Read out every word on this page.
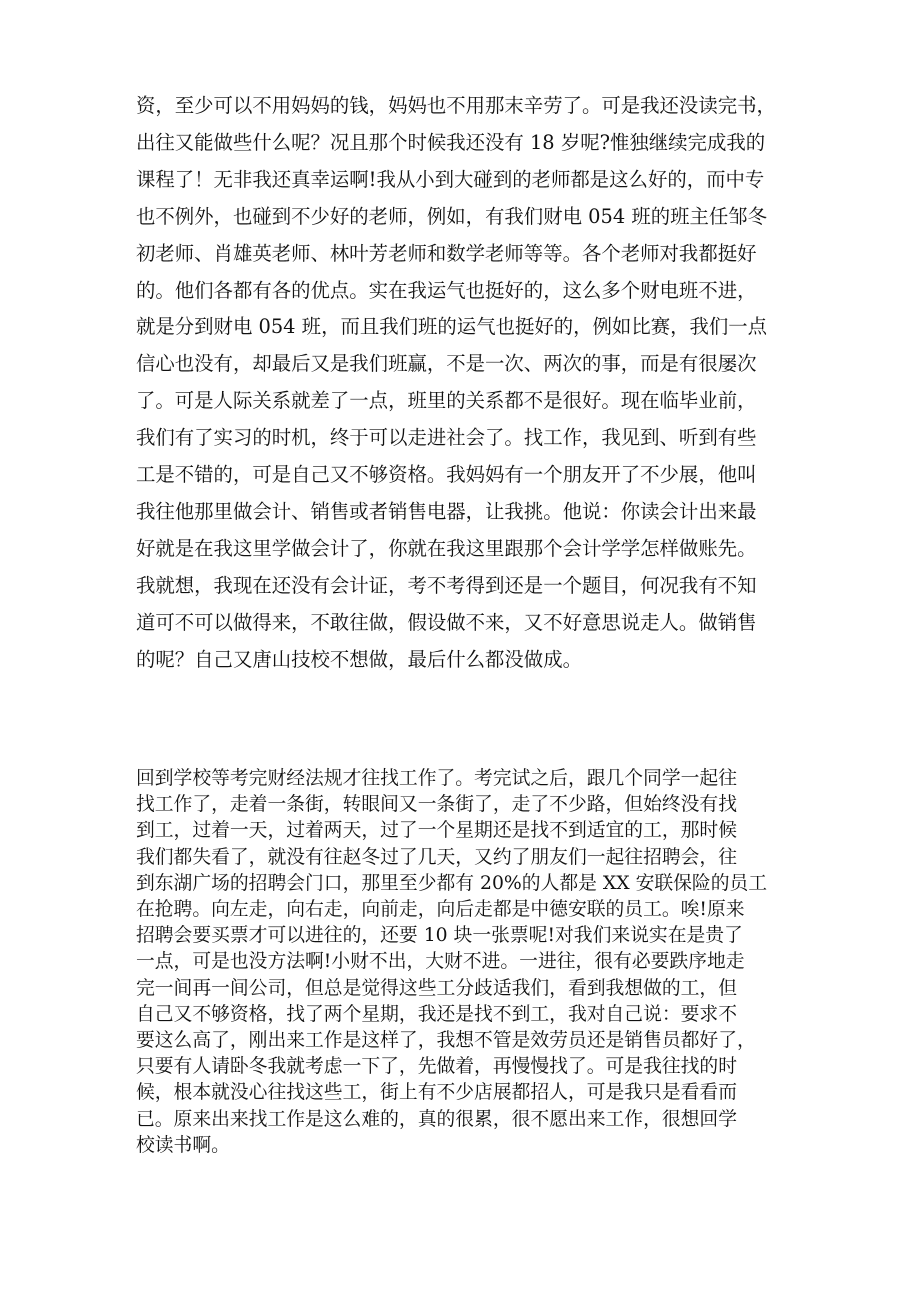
资，至少可以不用妈妈的钱，妈妈也不用那末辛劳了。可是我还没读完书，
出往又能做些什么呢？况且那个时候我还没有 18 岁呢?惟独继续完成我的
课程了！无非我还真幸运啊!我从小到大碰到的老师都是这么好的，而中专
也不例外，也碰到不少好的老师，例如，有我们财电 054 班的班主任邹冬
初老师、肖雄英老师、林叶芳老师和数学老师等等。各个老师对我都挺好
的。他们各都有各的优点。实在我运气也挺好的，这么多个财电班不进，
就是分到财电 054 班，而且我们班的运气也挺好的，例如比赛，我们一点
信心也没有，却最后又是我们班赢，不是一次、两次的事，而是有很屡次
了。可是人际关系就差了一点，班里的关系都不是很好。现在临毕业前，
我们有了实习的时机，终于可以走进社会了。找工作，我见到、听到有些
工是不错的，可是自己又不够资格。我妈妈有一个朋友开了不少展，他叫
我往他那里做会计、销售或者销售电器，让我挑。他说：你读会计出来最
好就是在我这里学做会计了，你就在我这里跟那个会计学学怎样做账先。
我就想，我现在还没有会计证，考不考得到还是一个题目，何况我有不知
道可不可以做得来，不敢往做，假设做不来，又不好意思说走人。做销售
的呢？自己又唐山技校不想做，最后什么都没做成。
回到学校等考完财经法规才往找工作了。考完试之后，跟几个同学一起往
找工作了，走着一条街，转眼间又一条街了，走了不少路，但始终没有找
到工，过着一天，过着两天，过了一个星期还是找不到适宜的工，那时候
我们都失看了，就没有往赵冬过了几天，又约了朋友们一起往招聘会，往
到东湖广场的招聘会门口，那里至少都有 20%的人都是 XX 安联保险的员工
在抢聘。向左走，向右走，向前走，向后走都是中德安联的员工。唉!原来
招聘会要买票才可以进往的，还要 10 块一张票呢!对我们来说实在是贵了
一点，可是也没方法啊!小财不出，大财不进。一进往，很有必要跌序地走
完一间再一间公司，但总是觉得这些工分歧适我们，看到我想做的工，但
自己又不够资格，找了两个星期，我还是找不到工，我对自己说：要求不
要这么高了，刚出来工作是这样了，我想不管是效劳员还是销售员都好了，
只要有人请卧冬我就考虑一下了，先做着，再慢慢找了。可是我往找的时
候，根本就没心往找这些工，街上有不少店展都招人，可是我只是看看而
已。原来出来找工作是这么难的，真的很累，很不愿出来工作，很想回学
校读书啊。
